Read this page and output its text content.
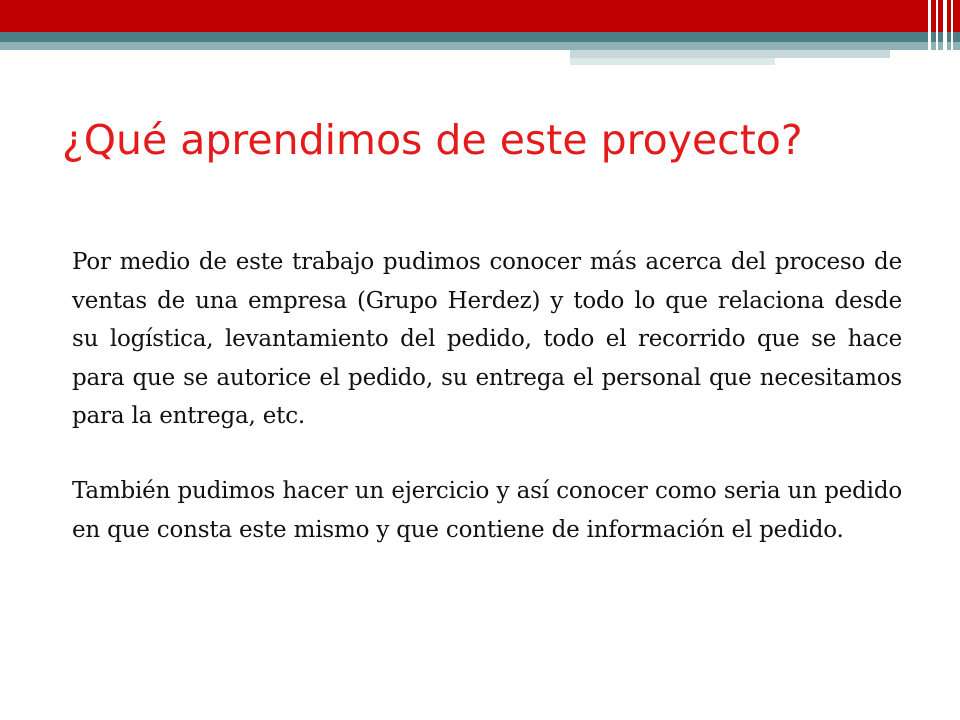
¿Qué aprendimos de este proyecto?

Por medio de este trabajo pudimos conocer más acerca del proceso de ventas de una empresa (Grupo Herdez) y todo lo que relaciona desde su logística, levantamiento del pedido, todo el recorrido que se hace para que se autorice el pedido, su entrega el personal que necesitamos para la entrega, etc.

También pudimos hacer un ejercicio y así conocer como seria un pedido en que consta este mismo y que contiene de información el pedido.
